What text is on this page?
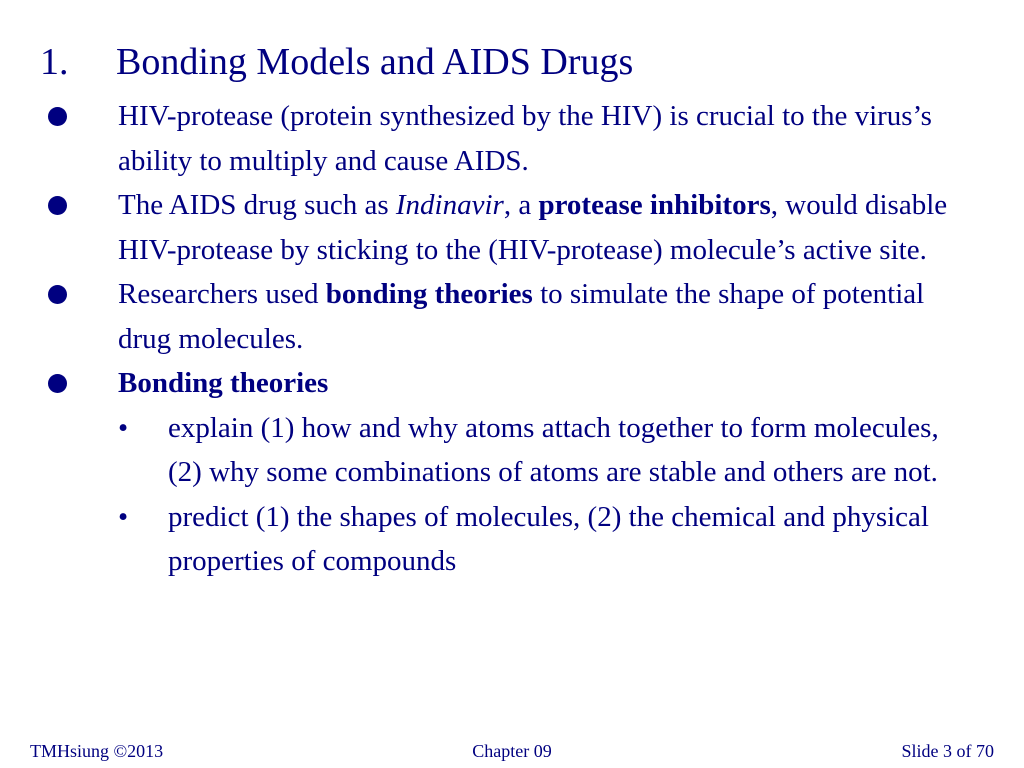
1. Bonding Models and AIDS Drugs
HIV-protease (protein synthesized by the HIV) is crucial to the virus’s ability to multiply and cause AIDS.
The AIDS drug such as Indinavir, a protease inhibitors, would disable HIV-protease by sticking to the (HIV-protease) molecule’s active site.
Researchers used bonding theories to simulate the shape of potential drug molecules.
Bonding theories
• explain (1) how and why atoms attach together to form molecules, (2) why some combinations of atoms are stable and others are not.
• predict (1) the shapes of molecules, (2) the chemical and physical properties of compounds
TMHsiung ©2013	Chapter 09	Slide 3 of 70
